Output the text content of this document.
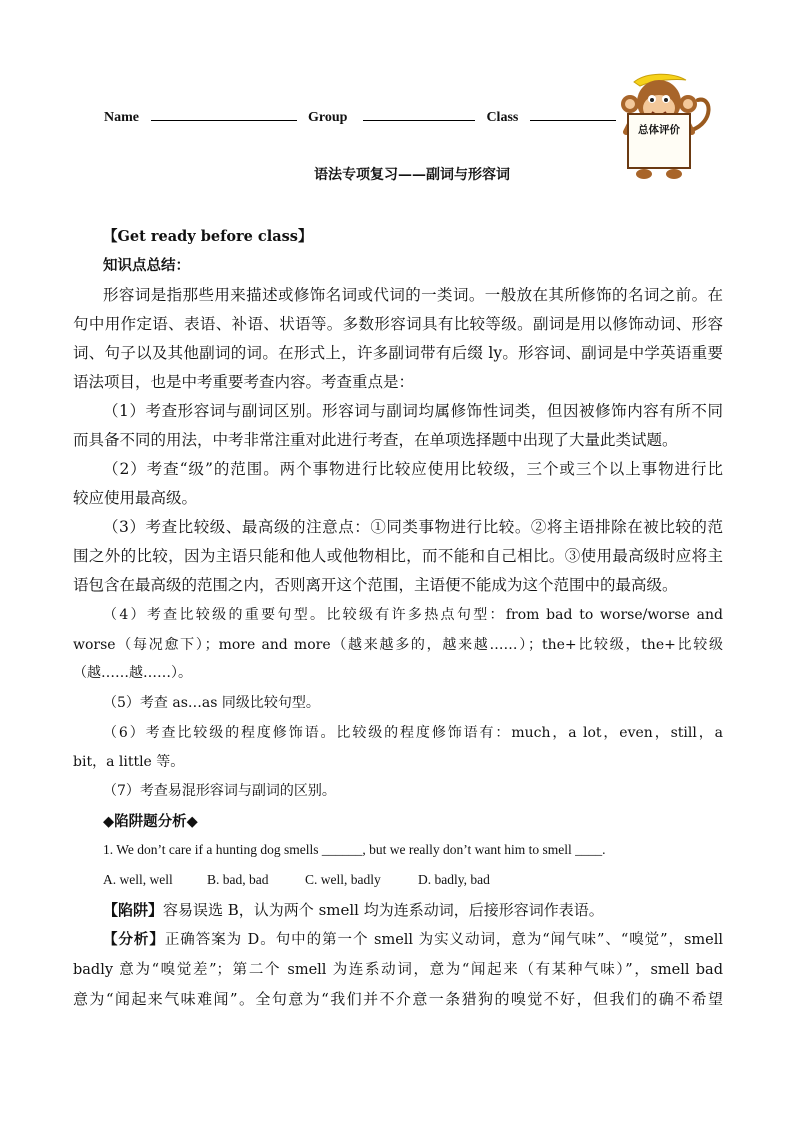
Name	Group	Class
总体评价
语法专项复习——副词与形容词
【Get ready before class】
知识点总结：
形容词是指那些用来描述或修饰名词或代词的一类词。一般放在其所修饰的名词之前。在
句中用作定语、表语、补语、状语等。多数形容词具有比较等级。副词是用以修饰动词、形容
词、句子以及其他副词的词。在形式上，许多副词带有后缀 ly。形容词、副词是中学英语重要
语法项目，也是中考重要考查内容。考查重点是：
（1）考查形容词与副词区别。形容词与副词均属修饰性词类，但因被修饰内容有所不同
而具备不同的用法，中考非常注重对此进行考查，在单项选择题中出现了大量此类试题。
（2）考查“级”的范围。两个事物进行比较应使用比较级，三个或三个以上事物进行比
较应使用最高级。
（3）考查比较级、最高级的注意点：①同类事物进行比较。②将主语排除在被比较的范
围之外的比较，因为主语只能和他人或他物相比，而不能和自己相比。③使用最高级时应将主
语包含在最高级的范围之内，否则离开这个范围，主语便不能成为这个范围中的最高级。
（4）考查比较级的重要句型。比较级有许多热点句型：from bad to worse/worse and
worse（每况愈下）；more and more（越来越多的，越来越……）；the+比较级，the+比较级
（越……越……）。
（5）考查 as…as 同级比较句型。
（6）考查比较级的程度修饰语。比较级的程度修饰语有：much，a lot，even，still，a
bit，a little 等。
（7）考查易混形容词与副词的区别。
◆陷阱题分析◆
1. We don’t care if a hunting dog smells ______, but we really don’t want him to smell ____.
A. well, well	B. bad, bad	C. well, badly	D. badly, bad
【陷阱】容易误选 B，认为两个 smell 均为连系动词，后接形容词作表语。
【分析】正确答案为 D。句中的第一个 smell 为实义动词，意为“闻气味”、“嗅觉”，smell
badly 意为“嗅觉差”；第二个 smell 为连系动词，意为“闻起来（有某种气味）”，smell bad
意为“闻起来气味难闻”。全句意为“我们并不介意一条猎狗的嗅觉不好，但我们的确不希望
